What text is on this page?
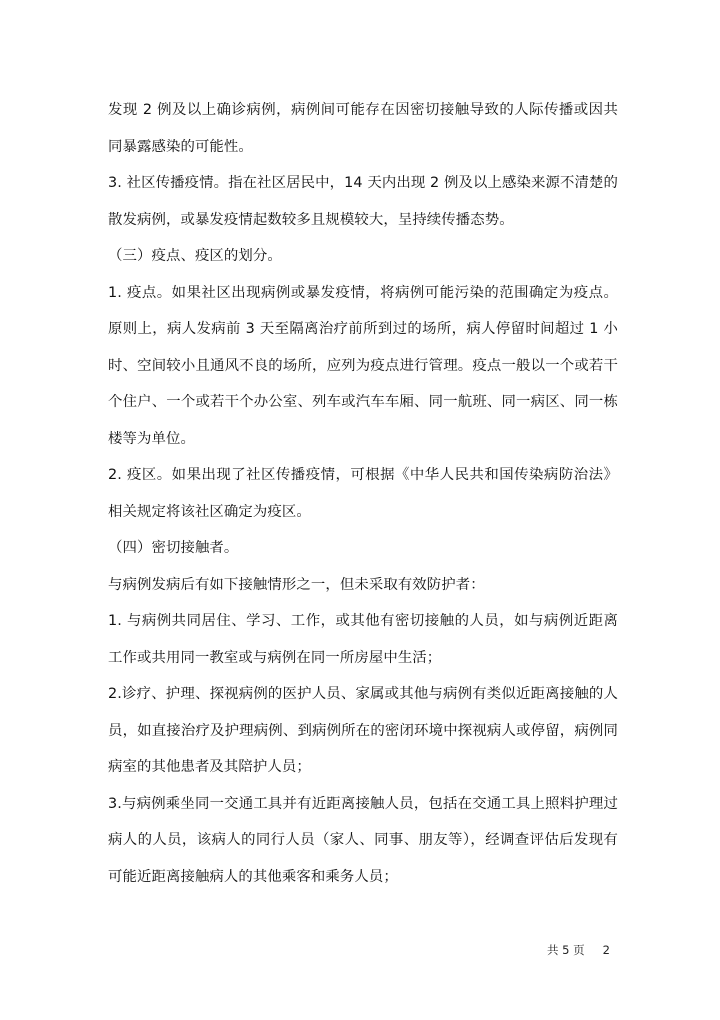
发现 2 例及以上确诊病例，病例间可能存在因密切接触导致的人际传播或因共同暴露感染的可能性。

3. 社区传播疫情。指在社区居民中，14 天内出现 2 例及以上感染来源不清楚的散发病例，或暴发疫情起数较多且规模较大，呈持续传播态势。

（三）疫点、疫区的划分。

1. 疫点。如果社区出现病例或暴发疫情，将病例可能污染的范围确定为疫点。原则上，病人发病前 3 天至隔离治疗前所到过的场所，病人停留时间超过 1 小时、空间较小且通风不良的场所，应列为疫点进行管理。疫点一般以一个或若干个住户、一个或若干个办公室、列车或汽车车厢、同一航班、同一病区、同一栋楼等为单位。

2. 疫区。如果出现了社区传播疫情，可根据《中华人民共和国传染病防治法》相关规定将该社区确定为疫区。

（四）密切接触者。

与病例发病后有如下接触情形之一，但未采取有效防护者：

1. 与病例共同居住、学习、工作，或其他有密切接触的人员，如与病例近距离工作或共用同一教室或与病例在同一所房屋中生活；

2.诊疗、护理、探视病例的医护人员、家属或其他与病例有类似近距离接触的人员，如直接治疗及护理病例、到病例所在的密闭环境中探视病人或停留，病例同病室的其他患者及其陪护人员；

3.与病例乘坐同一交通工具并有近距离接触人员，包括在交通工具上照料护理过病人的人员，该病人的同行人员（家人、同事、朋友等），经调查评估后发现有可能近距离接触病人的其他乘客和乘务人员；

共 5 页 2
